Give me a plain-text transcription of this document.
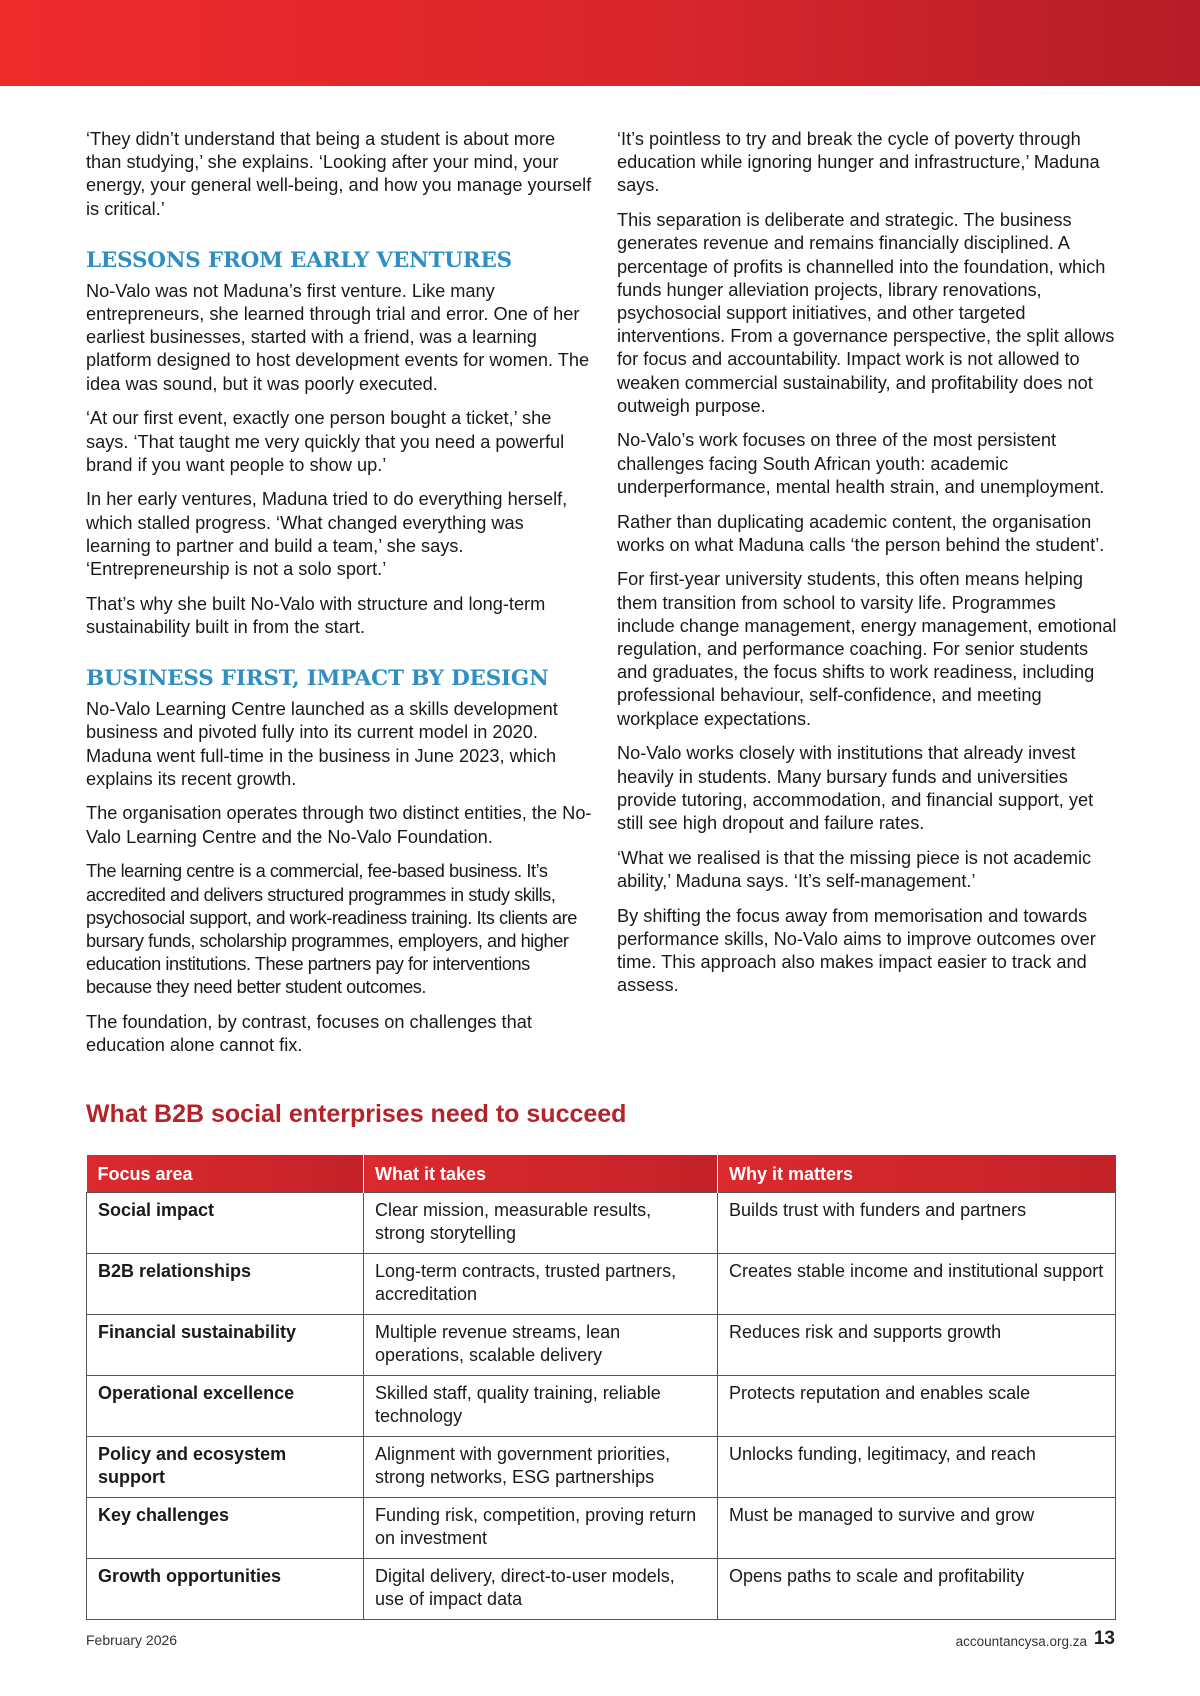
‘They didn’t understand that being a student is about more than studying,’ she explains. ‘Looking after your mind, your energy, your general well-being, and how you manage yourself is critical.’

LESSONS FROM EARLY VENTURES

No-Valo was not Maduna’s first venture. Like many entrepreneurs, she learned through trial and error. One of her earliest businesses, started with a friend, was a learning platform designed to host development events for women. The idea was sound, but it was poorly executed.

‘At our first event, exactly one person bought a ticket,’ she says. ‘That taught me very quickly that you need a powerful brand if you want people to show up.’

In her early ventures, Maduna tried to do everything herself, which stalled progress. ‘What changed everything was learning to partner and build a team,’ she says. ‘Entrepreneurship is not a solo sport.’

That’s why she built No-Valo with structure and long-term sustainability built in from the start.

BUSINESS FIRST, IMPACT BY DESIGN

No-Valo Learning Centre launched as a skills development business and pivoted fully into its current model in 2020. Maduna went full-time in the business in June 2023, which explains its recent growth.

The organisation operates through two distinct entities, the No-Valo Learning Centre and the No-Valo Foundation.

The learning centre is a commercial, fee-based business. It’s accredited and delivers structured programmes in study skills, psychosocial support, and work-readiness training. Its clients are bursary funds, scholarship programmes, employers, and higher education institutions. These partners pay for interventions because they need better student outcomes.

The foundation, by contrast, focuses on challenges that education alone cannot fix.

‘It’s pointless to try and break the cycle of poverty through education while ignoring hunger and infrastructure,’ Maduna says.

This separation is deliberate and strategic. The business generates revenue and remains financially disciplined. A percentage of profits is channelled into the foundation, which funds hunger alleviation projects, library renovations, psychosocial support initiatives, and other targeted interventions. From a governance perspective, the split allows for focus and accountability. Impact work is not allowed to weaken commercial sustainability, and profitability does not outweigh purpose.

No-Valo’s work focuses on three of the most persistent challenges facing South African youth: academic underperformance, mental health strain, and unemployment.

Rather than duplicating academic content, the organisation works on what Maduna calls ‘the person behind the student’.

For first-year university students, this often means helping them transition from school to varsity life. Programmes include change management, energy management, emotional regulation, and performance coaching. For senior students and graduates, the focus shifts to work readiness, including professional behaviour, self-confidence, and meeting workplace expectations.

No-Valo works closely with institutions that already invest heavily in students. Many bursary funds and universities provide tutoring, accommodation, and financial support, yet still see high dropout and failure rates.

‘What we realised is that the missing piece is not academic ability,’ Maduna says. ‘It’s self-management.’

By shifting the focus away from memorisation and towards performance skills, No-Valo aims to improve outcomes over time. This approach also makes impact easier to track and assess.

What B2B social enterprises need to succeed
Focus area	What it takes	Why it matters
Social impact	Clear mission, measurable results, strong storytelling	Builds trust with funders and partners
B2B relationships	Long-term contracts, trusted partners, accreditation	Creates stable income and institutional support
Financial sustainability	Multiple revenue streams, lean operations, scalable delivery	Reduces risk and supports growth
Operational excellence	Skilled staff, quality training, reliable technology	Protects reputation and enables scale
Policy and ecosystem support	Alignment with government priorities, strong networks, ESG partnerships	Unlocks funding, legitimacy, and reach
Key challenges	Funding risk, competition, proving return on investment	Must be managed to survive and grow
Growth opportunities	Digital delivery, direct-to-user models, use of impact data	Opens paths to scale and profitability
February 2026	accountancysa.org.za 13
